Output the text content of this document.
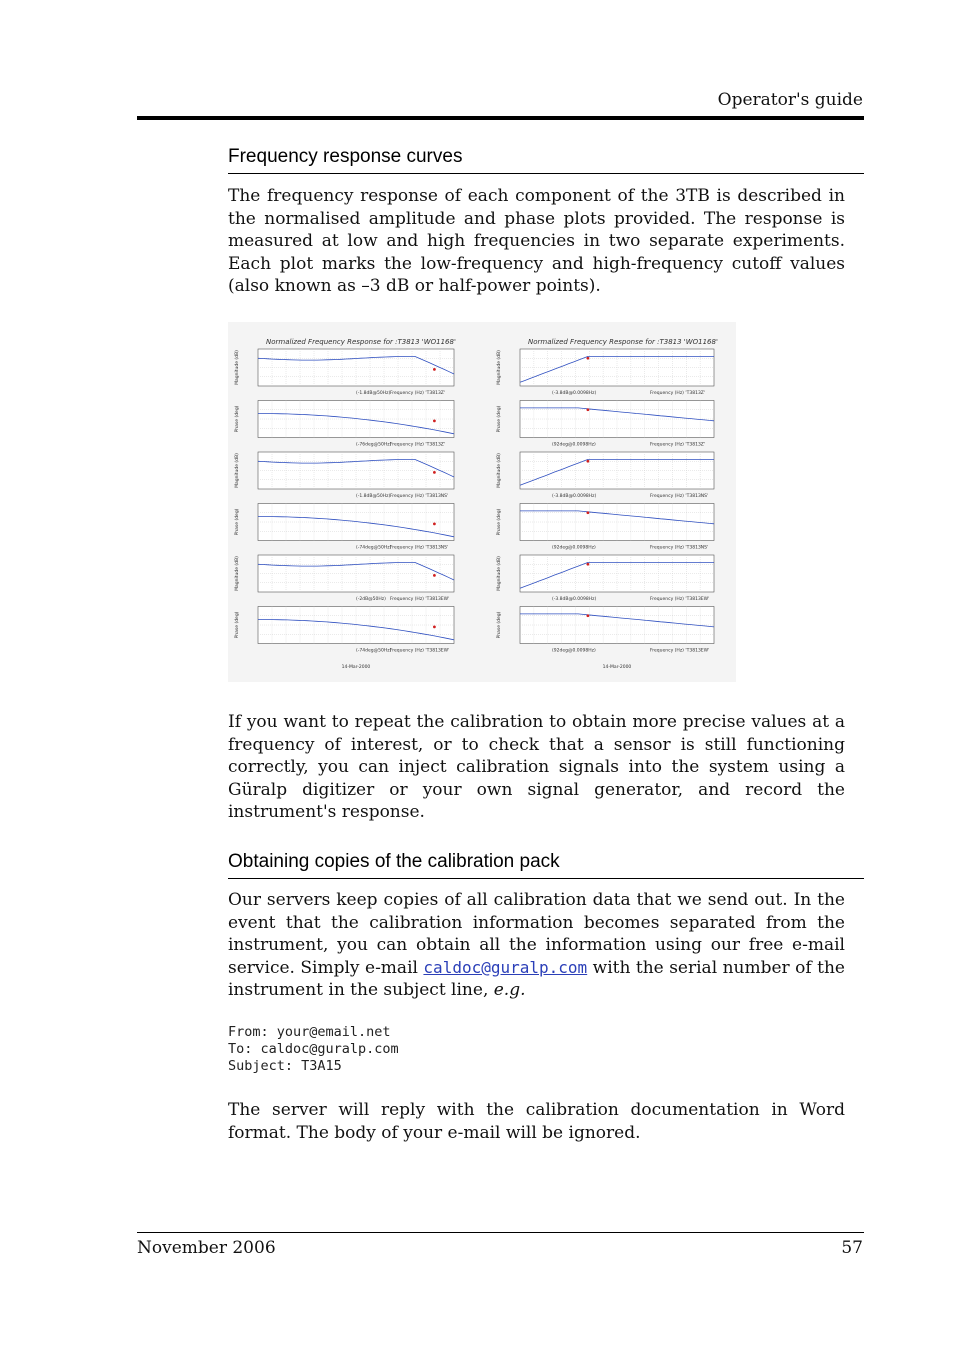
Operator's guide
Frequency response curves

The frequency response of each component of the 3TB is described in the normalised amplitude and phase plots provided. The response is measured at low and high frequencies in two separate experiments. Each plot marks the low-frequency and high-frequency cutoff values (also known as –3 dB or half-power points).

Normalized Frequency Response for :T3813 'WO1168'
Magnitude (dB)
(-1.8dB@50Hz) Frequency (Hz) 'T3813Z'
Phase (deg)
(-76deg@50Hz)
Frequency (Hz) 'T3813Z'
Magnitude (dB)
(-1.8dB@50Hz) Frequency (Hz) 'T3813NS'
Phase (deg)
(-74deg@50Hz)
Frequency (Hz) 'T3813NS'
Magnitude (dB)
(-2dB@50Hz) Frequency (Hz) 'T3813EW'
Phase (deg)
(-74deg@50Hz)
Frequency (Hz) 'T3813EW'
14-Mar-2000
Normalized Frequency Response for :T3813 'WO1168'
Magnitude (dB)
(-3.8dB@0.0098Hz)	Frequency (Hz) 'T3813Z'
Phase (deg)
(92deg@0.0098Hz)	Frequency (Hz) 'T3813Z'
Magnitude (dB)
(-3.8dB@0.0098Hz)	Frequency (Hz) 'T3813NS'
Phase (deg)
(92deg@0.0098Hz)	Frequency (Hz) 'T3813NS'
Magnitude (dB)
(-3.8dB@0.0098Hz)	Frequency (Hz) 'T3813EW'
Phase (deg)
(92deg@0.0098Hz)	Frequency (Hz) 'T3813EW'
14-Mar-2000

If you want to repeat the calibration to obtain more precise values at a frequency of interest, or to check that a sensor is still functioning correctly, you can inject calibration signals into the system using a Güralp digitizer or your own signal generator, and record the instrument's response.

Obtaining copies of the calibration pack

Our servers keep copies of all calibration data that we send out. In the event that the calibration information becomes separated from the instrument, you can obtain all the information using our free e-mail service. Simply e-mail caldoc@guralp.com with the serial number of the instrument in the subject line, e.g.

From: your@email.net
To: caldoc@guralp.com
Subject: T3A15

The server will reply with the calibration documentation in Word format. The body of your e-mail will be ignored.

November 2006	57
